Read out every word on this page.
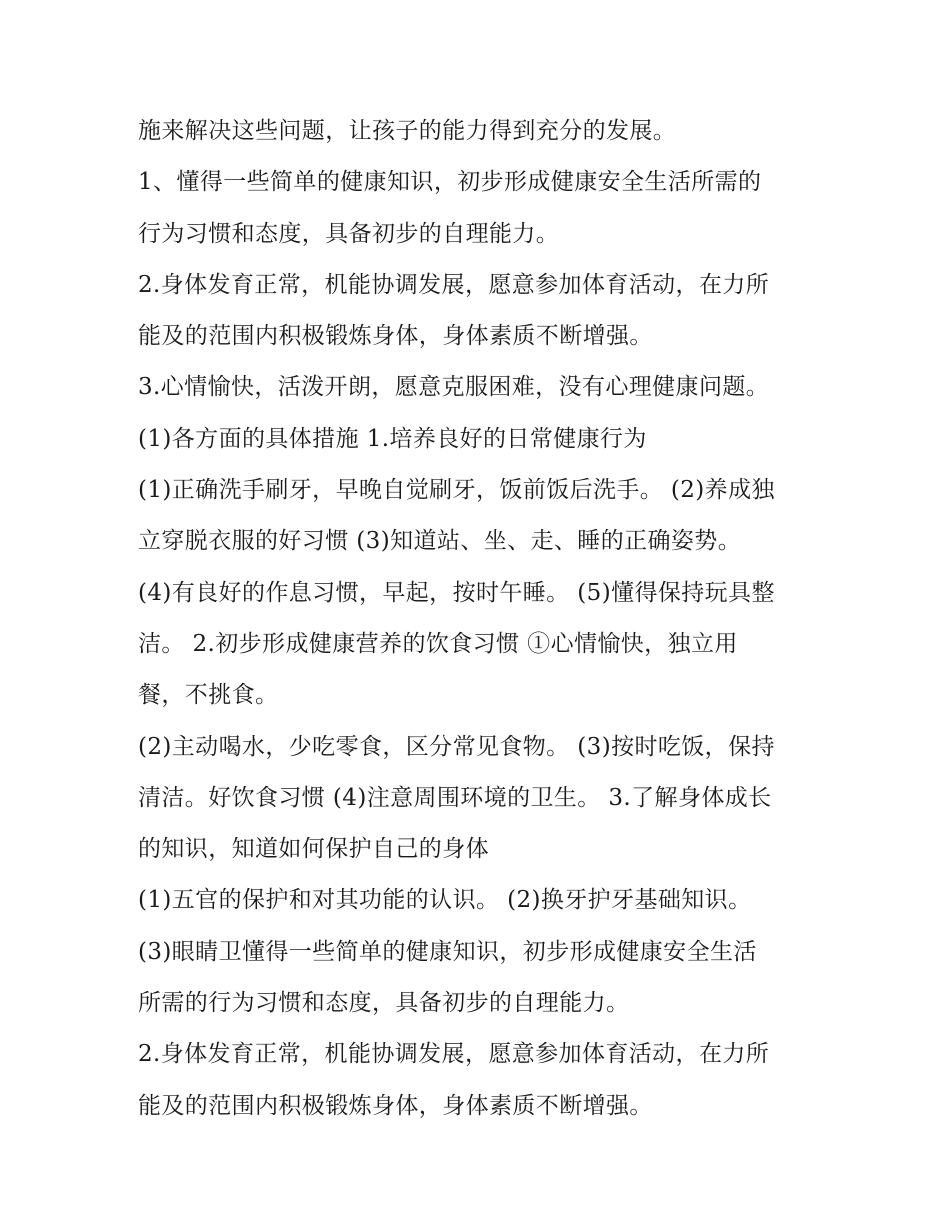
施来解决这些问题，让孩子的能力得到充分的发展。
1、懂得一些简单的健康知识，初步形成健康安全生活所需的
行为习惯和态度，具备初步的自理能力。
2.身体发育正常，机能协调发展，愿意参加体育活动，在力所
能及的范围内积极锻炼身体，身体素质不断增强。
3.心情愉快，活泼开朗，愿意克服困难，没有心理健康问题。
(1)各方面的具体措施 1.培养良好的日常健康行为
(1)正确洗手刷牙，早晚自觉刷牙，饭前饭后洗手。 (2)养成独
立穿脱衣服的好习惯 (3)知道站、坐、走、睡的正确姿势。
(4)有良好的作息习惯，早起，按时午睡。 (5)懂得保持玩具整
洁。 2.初步形成健康营养的饮食习惯 ①心情愉快，独立用
餐，不挑食。
(2)主动喝水，少吃零食，区分常见食物。 (3)按时吃饭，保持
清洁。好饮食习惯 (4)注意周围环境的卫生。 3.了解身体成长
的知识，知道如何保护自己的身体
(1)五官的保护和对其功能的认识。 (2)换牙护牙基础知识。
(3)眼睛卫懂得一些简单的健康知识，初步形成健康安全生活
所需的行为习惯和态度，具备初步的自理能力。
2.身体发育正常，机能协调发展，愿意参加体育活动，在力所
能及的范围内积极锻炼身体，身体素质不断增强。
